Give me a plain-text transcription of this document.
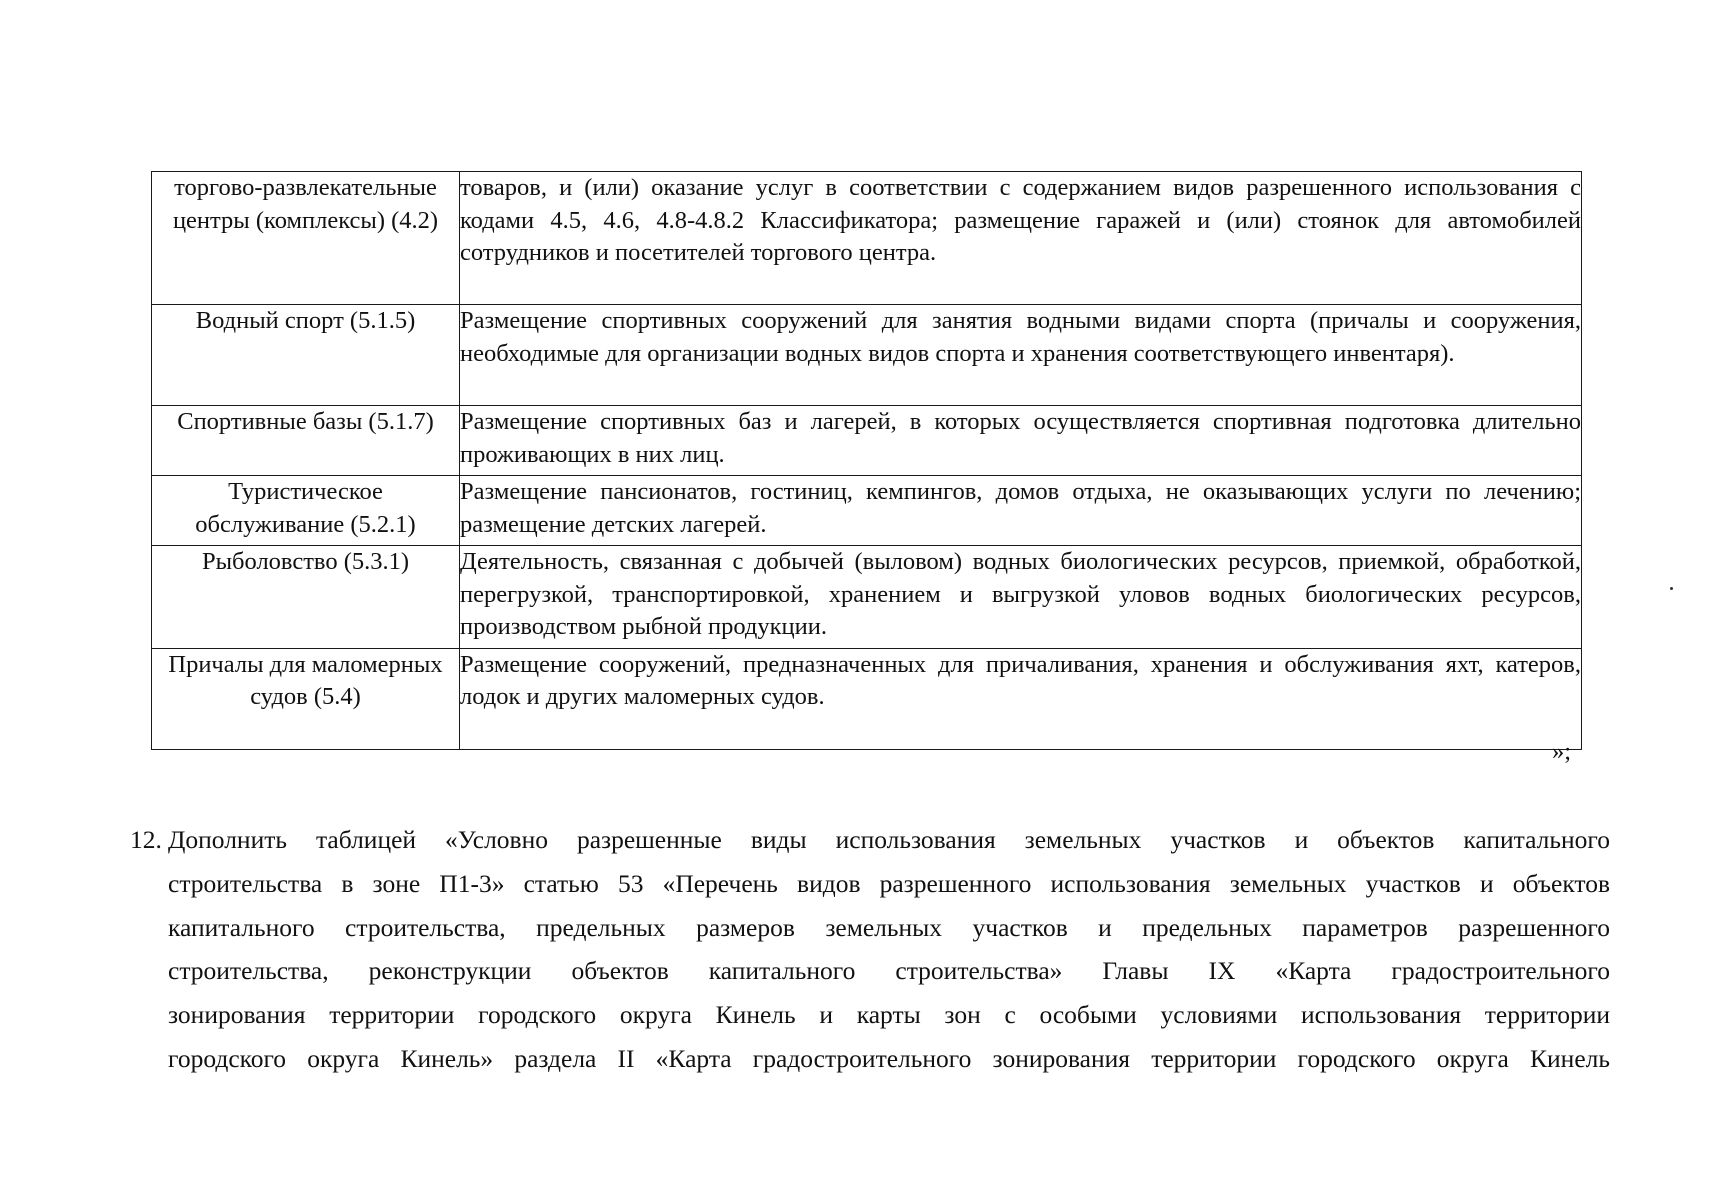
торгово-развлекательные центры (комплексы) (4.2)	товаров, и (или) оказание услуг в соответствии с содержанием видов разрешенного использования с кодами 4.5, 4.6, 4.8-4.8.2 Классификатора; размещение гаражей и (или) стоянок для автомобилей сотрудников и посетителей торгового центра.
Водный спорт (5.1.5)	Размещение спортивных сооружений для занятия водными видами спорта (причалы и сооружения, необходимые для организации водных видов спорта и хранения соответствующего инвентаря).
Спортивные базы (5.1.7)	Размещение спортивных баз и лагерей, в которых осуществляется спортивная подготовка длительно проживающих в них лиц.
Туристическое обслуживание (5.2.1)	Размещение пансионатов, гостиниц, кемпингов, домов отдыха, не оказывающих услуги по лечению; размещение детских лагерей.
Рыболовство (5.3.1)	Деятельность, связанная с добычей (выловом) водных биологических ресурсов, приемкой, обработкой, перегрузкой, транспортировкой, хранением и выгрузкой уловов водных биологических ресурсов, производством рыбной продукции.
Причалы для маломерных судов (5.4)	Размещение сооружений, предназначенных для причаливания, хранения и обслуживания яхт, катеров, лодок и других маломерных судов.
»;
12. Дополнить таблицей «Условно разрешенные виды использования земельных участков и объектов капитального
строительства в зоне П1-3» статью 53 «Перечень видов разрешенного использования земельных участков и объектов
капитального строительства, предельных размеров земельных участков и предельных параметров разрешенного
строительства, реконструкции объектов капитального строительства» Главы IX «Карта градостроительного
зонирования территории городского округа Кинель и карты зон с особыми условиями использования территории
городского округа Кинель» раздела II «Карта градостроительного зонирования территории городского округа Кинель
